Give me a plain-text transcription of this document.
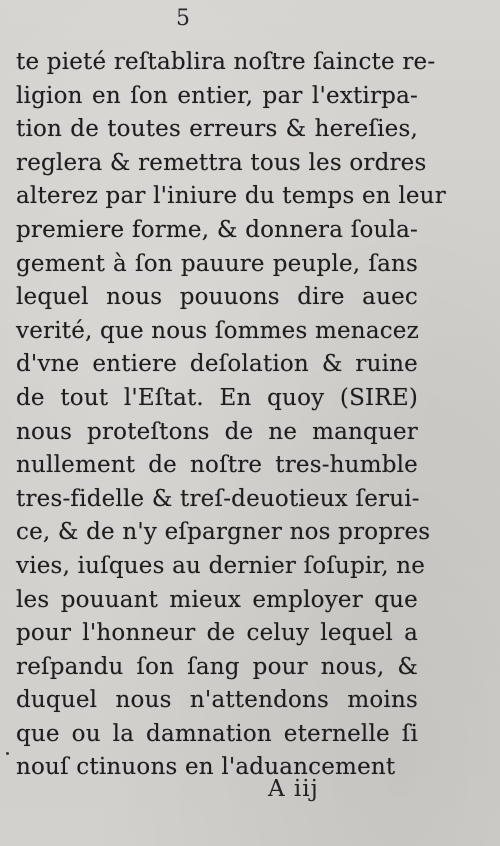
5

te pieté reſtablira noſtre ſaincte re-
ligion en ſon entier, par l'extirpa-
tion de toutes erreurs & hereſies,
reglera & remettra tous les ordres
alterez par l'iniure du temps en leur
premiere forme, & donnera ſoula-
gement à ſon pauure peuple, ſans
lequel nous pouuons dire auec
verité, que nous ſommes menacez
d'vne entiere deſolation & ruine
de tout l'Eſtat. En quoy (SIRE)
nous proteſtons de ne manquer
nullement de noſtre tres-humble
tres-fidelle & treſ-deuotieux ſerui-
ce, & de n'y eſpargner nos propres
vies, iuſques au dernier ſoſupir, ne
les pouuant mieux employer que
pour l'honneur de celuy lequel a
reſpandu ſon ſang pour nous, &
duquel nous n'attendons moins
que ou la damnation eternelle ſi
nouſ ctinuons en l'aduancement

A iij
